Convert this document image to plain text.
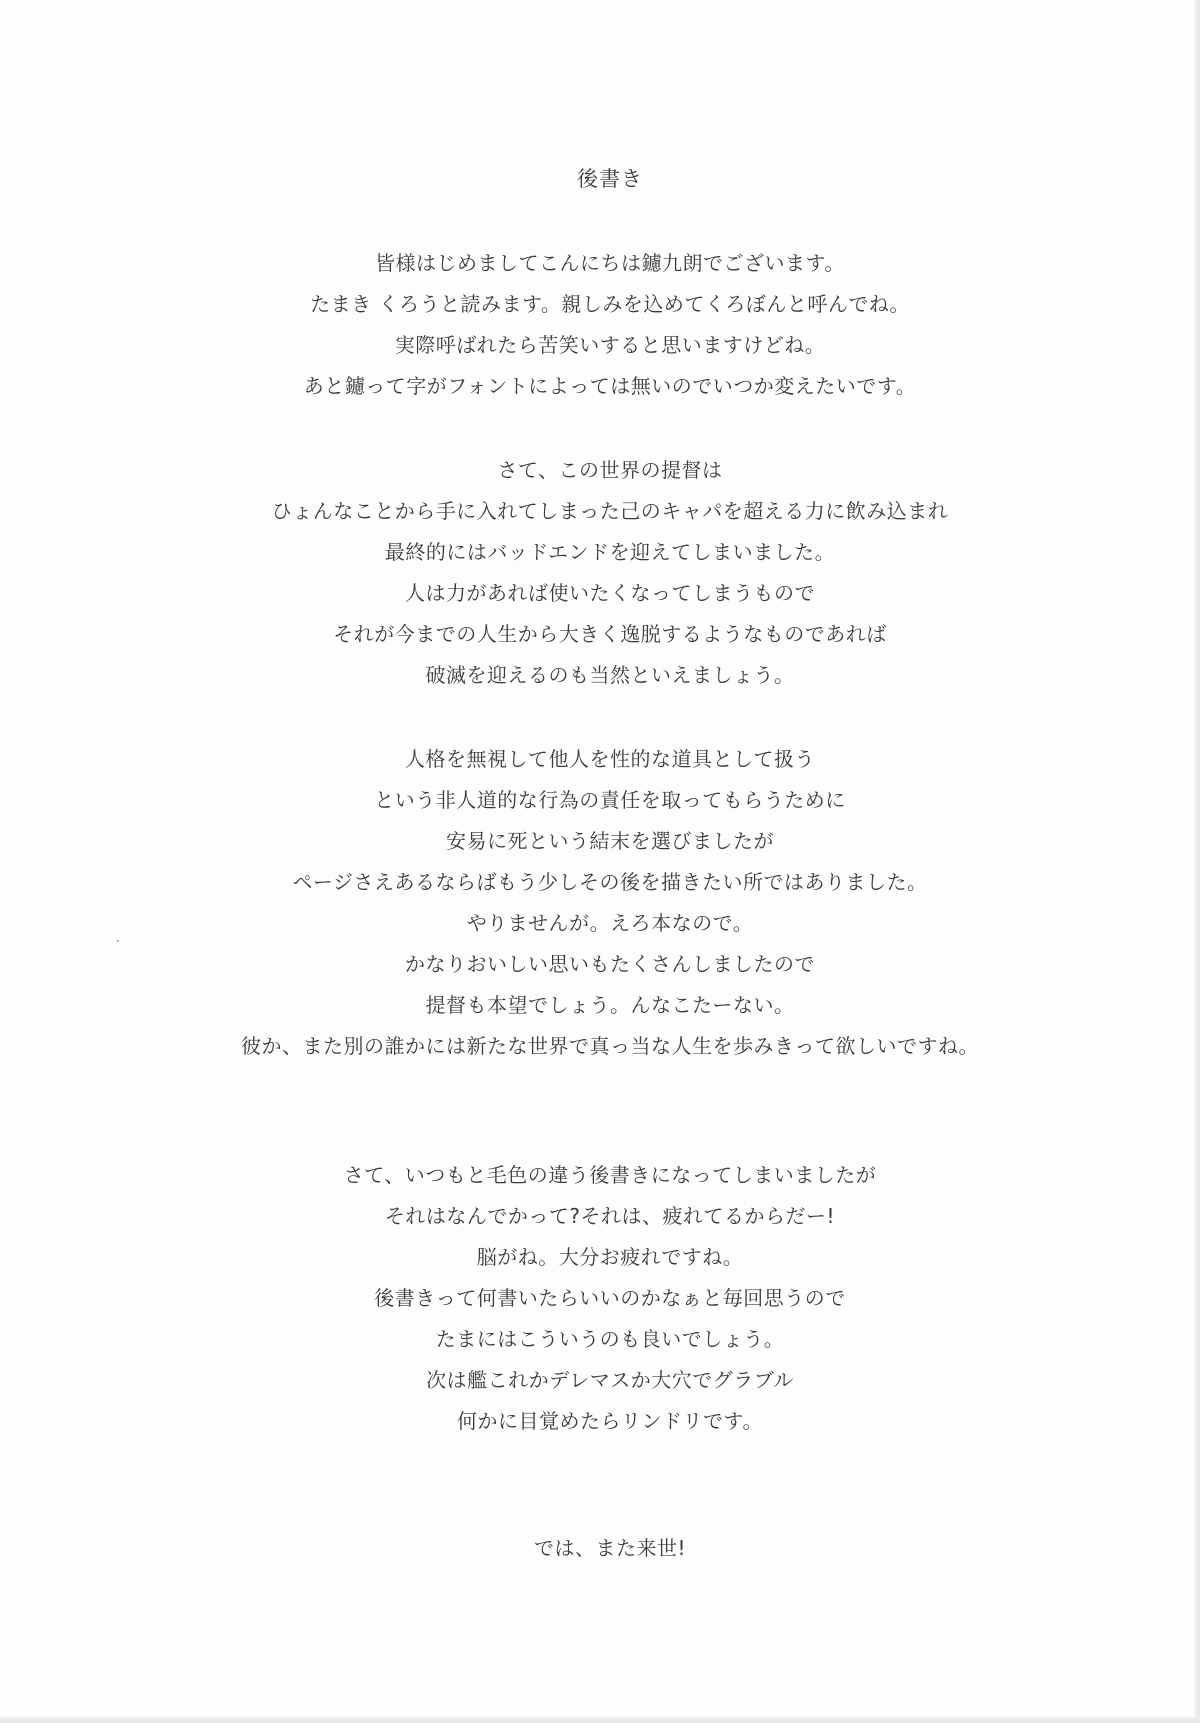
後書き
皆様はじめましてこんにちは鑢九朗でございます。
たまき くろうと読みます。親しみを込めてくろぼんと呼んでね。
実際呼ばれたら苦笑いすると思いますけどね。
あと鑢って字がフォントによっては無いのでいつか変えたいです。
さて、この世界の提督は
ひょんなことから手に入れてしまった己のキャパを超える力に飲み込まれ
最終的にはバッドエンドを迎えてしまいました。
人は力があれば使いたくなってしまうもので
それが今までの人生から大きく逸脱するようなものであれば
破滅を迎えるのも当然といえましょう。
人格を無視して他人を性的な道具として扱う
という非人道的な行為の責任を取ってもらうために
安易に死という結末を選びましたが
ページさえあるならばもう少しその後を描きたい所ではありました。
やりませんが。えろ本なので。
かなりおいしい思いもたくさんしましたので
提督も本望でしょう。んなこたーない。
彼か、また別の誰かには新たな世界で真っ当な人生を歩みきって欲しいですね。
さて、いつもと毛色の違う後書きになってしまいましたが
それはなんでかって?それは、疲れてるからだー!
脳がね。大分お疲れですね。
後書きって何書いたらいいのかなぁと毎回思うので
たまにはこういうのも良いでしょう。
次は艦これかデレマスか大穴でグラブル
何かに目覚めたらリンドリです。
では、また来世!
